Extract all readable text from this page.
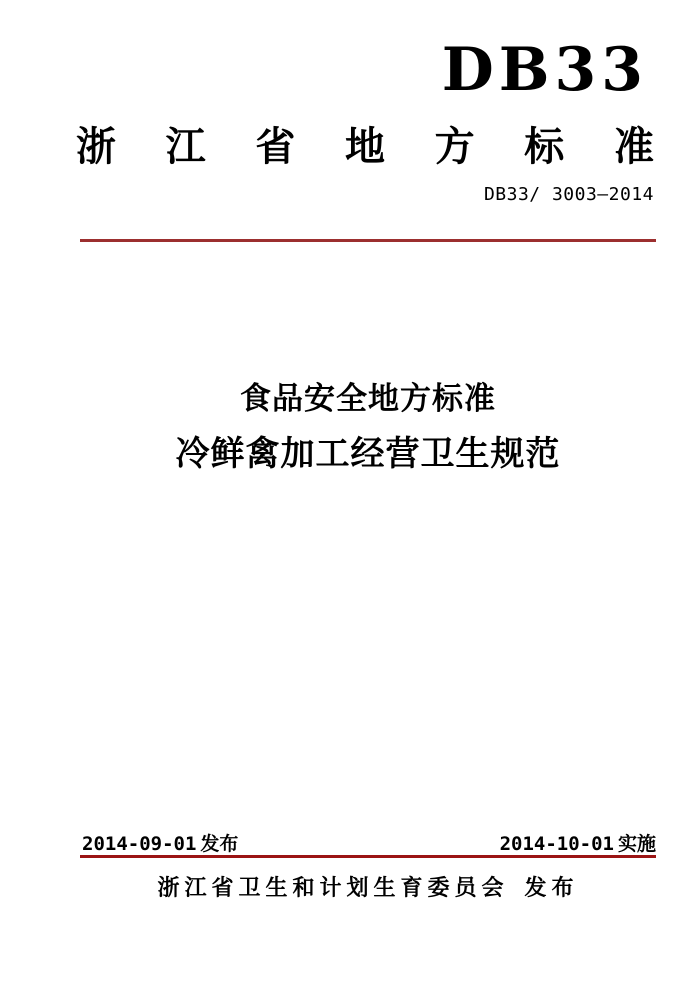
DB33
浙 江 省 地 方 标 准
DB33/ 3003—2014
食品安全地方标准
冷鲜禽加工经营卫生规范
2014-09-01 发布	2014-10-01 实施
浙江省卫生和计划生育委员会 发布
